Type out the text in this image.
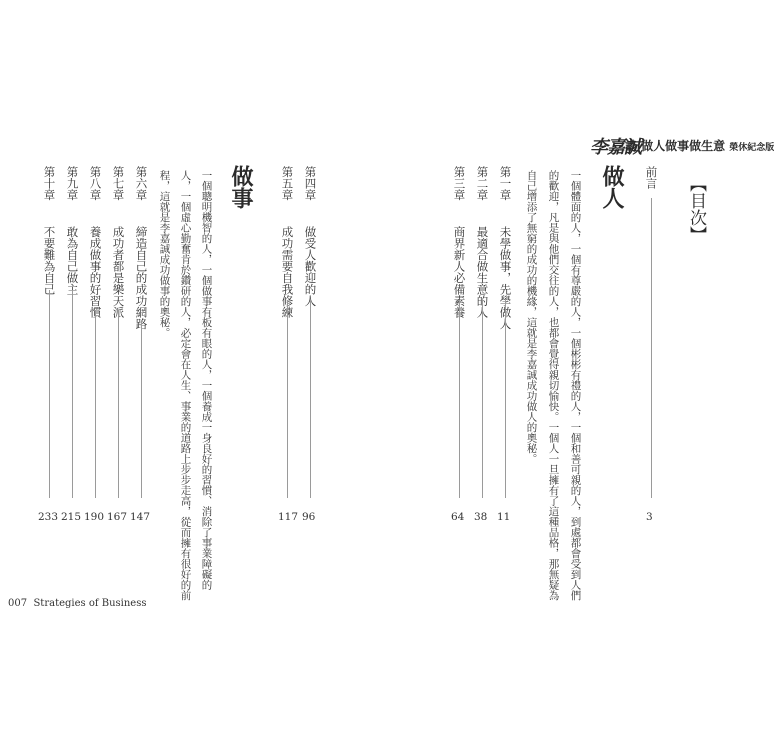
李嘉誠
談 做人做事做生意 榮休紀念版
【目次】
前言
3
做人
一個體面的人，一個有尊嚴的人，一個彬彬有禮的人，一個和善可親的人，到處都會受到人們
的歡迎，凡是與他們交往的人，也都會覺得親切愉快。一個人一旦擁有了這種品格，那無疑為
自己增添了無窮的成功的機緣，這就是李嘉誠成功做人的奧秘。
第一章
未學做事，先學做人
11
第二章
最適合做生意的人
38
第三章
商界新人必備素養
64
做事
一個聰明機智的人，一個做事有板有眼的人，一個養成一身良好的習慣、消除了事業障礙的
人，一個虛心勤奮肯於鑽研的人，必定會在人生、事業的道路上步步走高，從而擁有很好的前
程，這就是李嘉誠成功做事的奧秘。	第四章
做受人歡迎的人
96
第五章
成功需要自我修練
117
第六章
締造自己的成功網路
147
第七章
成功者都是樂天派
167
第八章
養成做事的好習慣
190
第九章
敢為自己做主
215
第十章
不要難為自己
233
007 Strategies of Business
